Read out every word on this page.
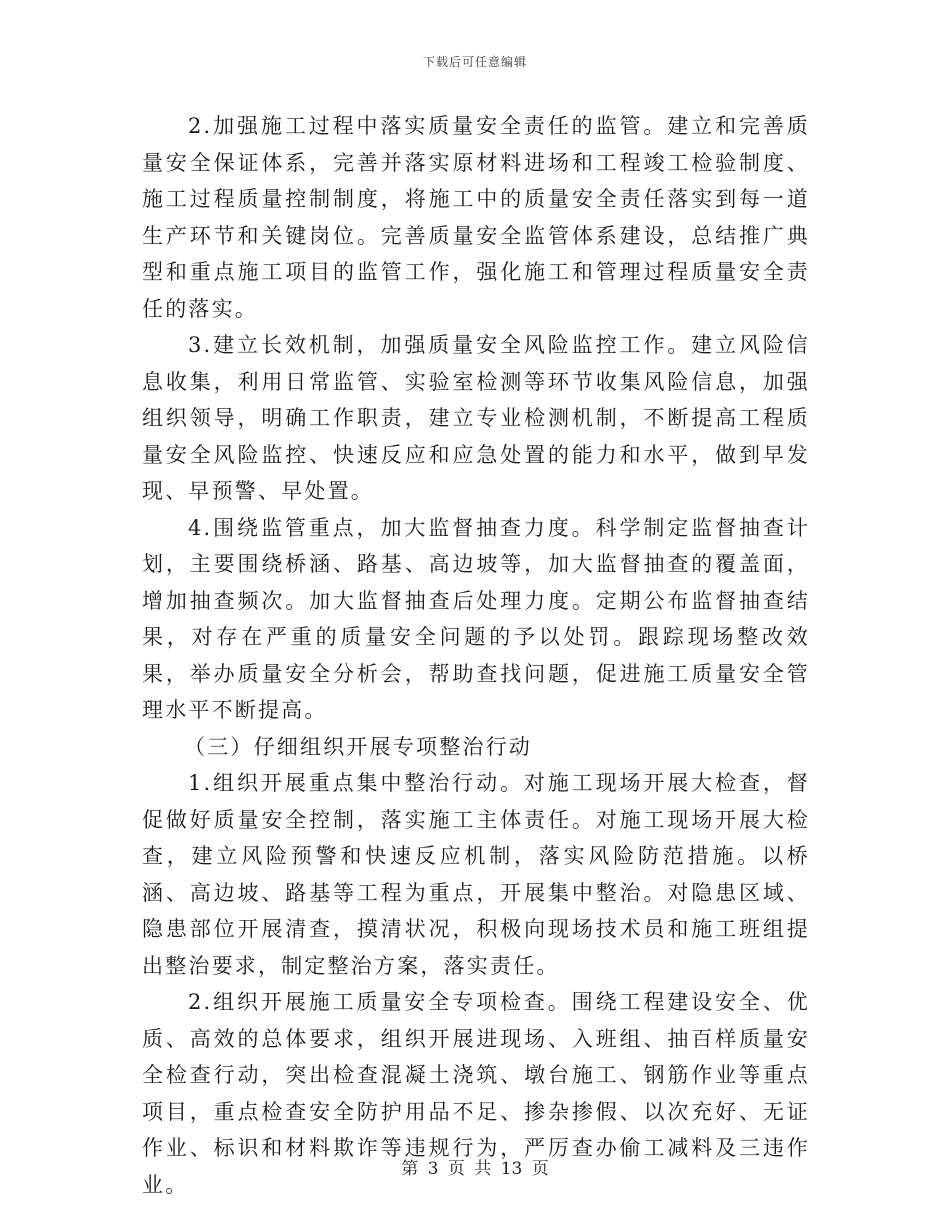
下载后可任意编辑

2.加强施工过程中落实质量安全责任的监管。建立和完善质量安全保证体系，完善并落实原材料进场和工程竣工检验制度、施工过程质量控制制度，将施工中的质量安全责任落实到每一道生产环节和关键岗位。完善质量安全监管体系建设，总结推广典型和重点施工项目的监管工作，强化施工和管理过程质量安全责任的落实。

3.建立长效机制，加强质量安全风险监控工作。建立风险信息收集，利用日常监管、实验室检测等环节收集风险信息，加强组织领导，明确工作职责，建立专业检测机制，不断提高工程质量安全风险监控、快速反应和应急处置的能力和水平，做到早发现、早预警、早处置。

4.围绕监管重点，加大监督抽查力度。科学制定监督抽查计划，主要围绕桥涵、路基、高边坡等，加大监督抽查的覆盖面，增加抽查频次。加大监督抽查后处理力度。定期公布监督抽查结果，对存在严重的质量安全问题的予以处罚。跟踪现场整改效果，举办质量安全分析会，帮助查找问题，促进施工质量安全管理水平不断提高。

（三）仔细组织开展专项整治行动

1.组织开展重点集中整治行动。对施工现场开展大检查，督促做好质量安全控制，落实施工主体责任。对施工现场开展大检查，建立风险预警和快速反应机制，落实风险防范措施。以桥涵、高边坡、路基等工程为重点，开展集中整治。对隐患区域、隐患部位开展清查，摸清状况，积极向现场技术员和施工班组提出整治要求，制定整治方案，落实责任。

2.组织开展施工质量安全专项检查。围绕工程建设安全、优质、高效的总体要求，组织开展进现场、入班组、抽百样质量安全检查行动，突出检查混凝土浇筑、墩台施工、钢筋作业等重点项目，重点检查安全防护用品不足、掺杂掺假、以次充好、无证作业、标识和材料欺诈等违规行为，严厉查办偷工减料及三违作业。

第 3 页 共 13 页
